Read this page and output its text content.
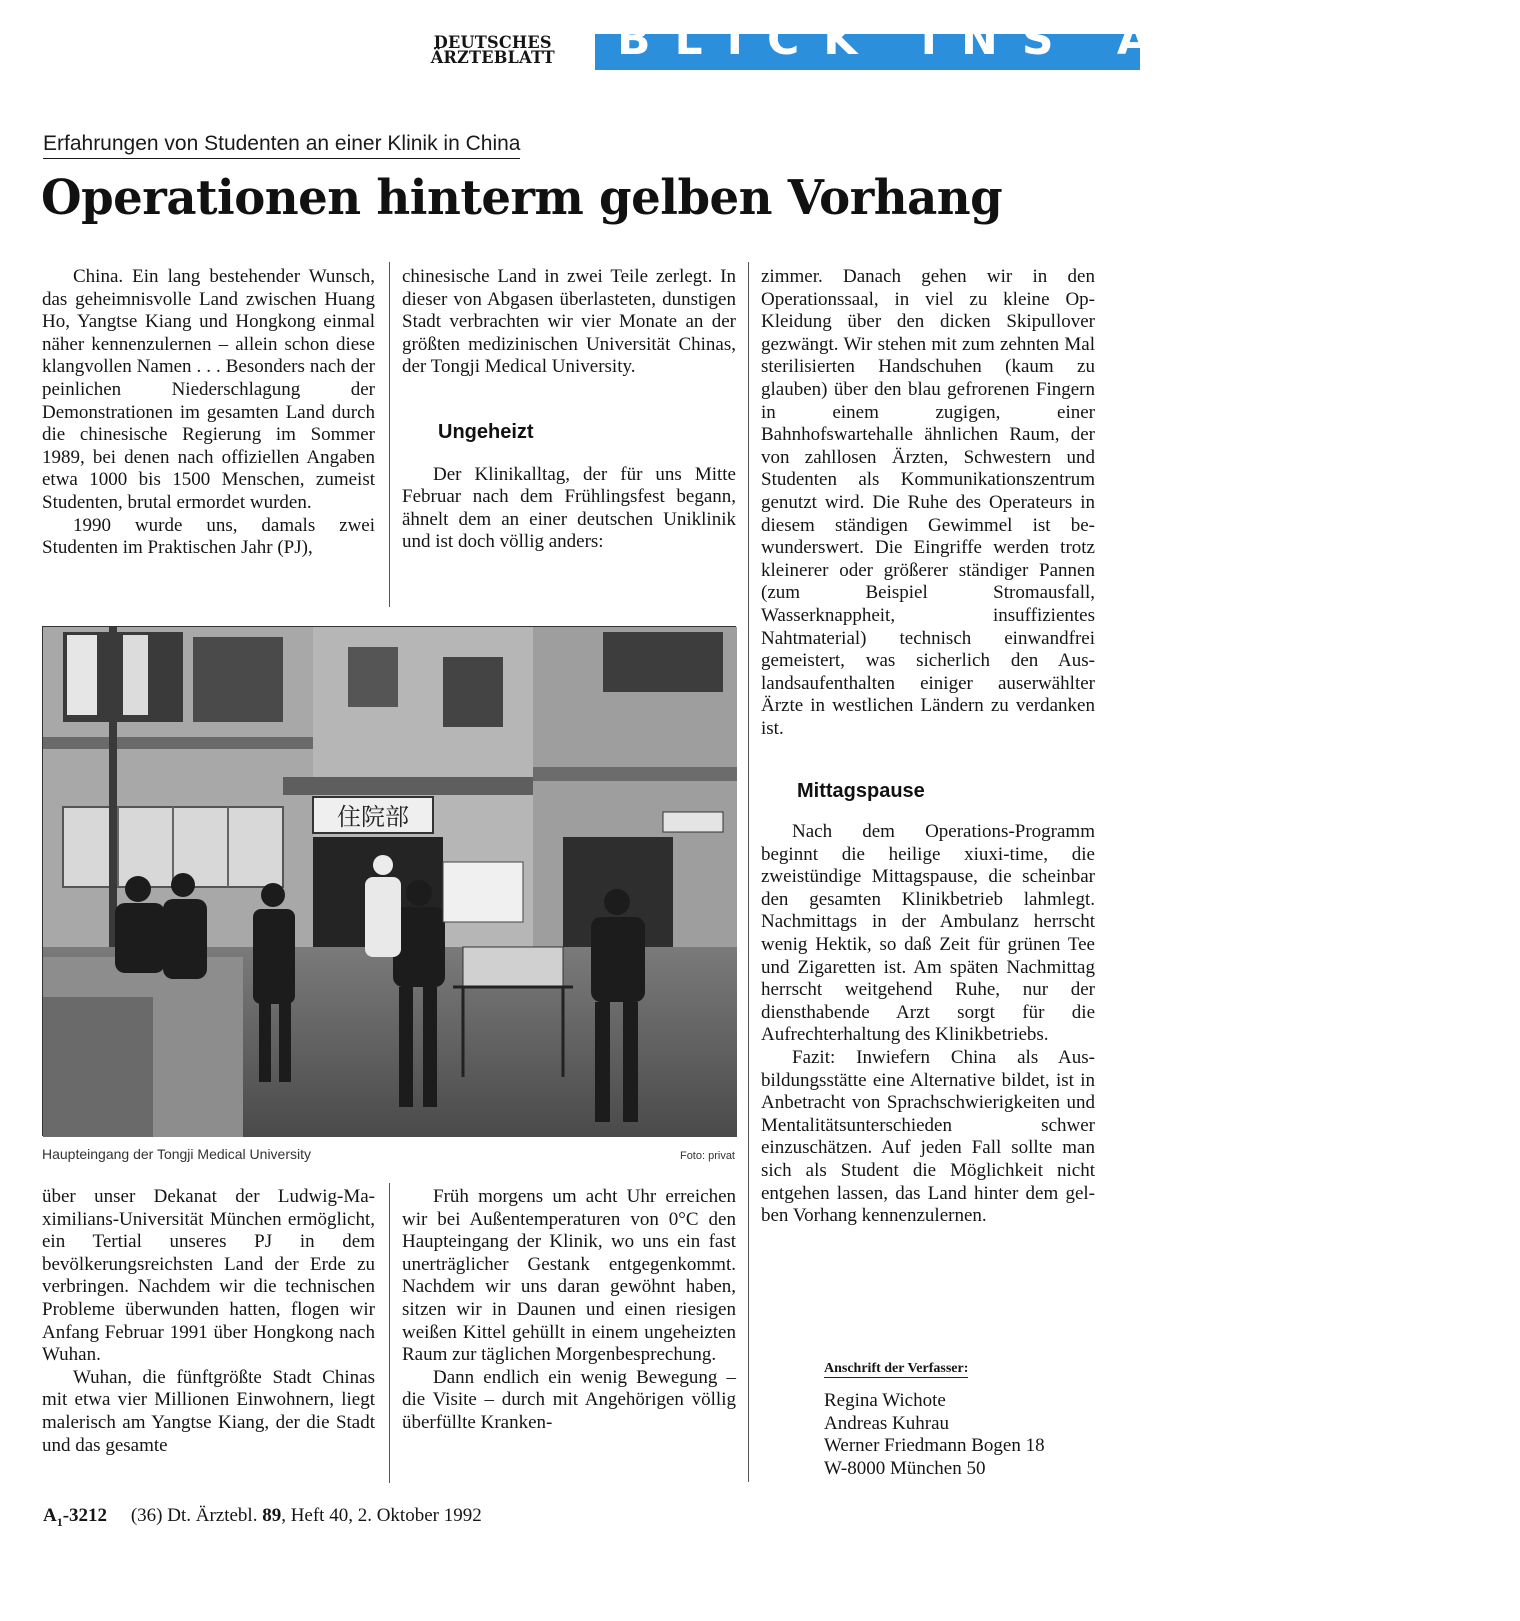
DEUTSCHES
ÄRZTEBLATT	BLICK INS AUSLAND
Erfahrungen von Studenten an einer Klinik in China
Operationen hinterm gelben Vorhang

China. Ein lang bestehender Wunsch, das geheimnisvolle Land zwischen Huang Ho, Yangtse Kiang und Hongkong einmal näher kennenzulernen – allein schon diese klangvollen Namen . . . Besonders nach der peinlichen Niederschlagung der Demonstrationen im gesamten Land durch die chinesische Regierung im Sommer 1989, bei denen nach offiziellen Angaben etwa 1000 bis 1500 Menschen, zumeist Studenten, brutal ermordet wurden.

1990 wurde uns, damals zwei Studenten im Praktischen Jahr (PJ),

chinesische Land in zwei Teile zerlegt. In dieser von Abgasen überlasteten, dunstigen Stadt verbrachten wir vier Monate an der größten medizinischen Universität Chinas, der Tongji Medical University.

Ungeheizt

Der Klinikalltag, der für uns Mitte Februar nach dem Frühlingsfest begann, ähnelt dem an einer deutschen Uniklinik und ist doch völlig anders:

zimmer. Danach gehen wir in den Operationssaal, in viel zu kleine Op-Kleidung über den dicken Skipullover gezwängt. Wir stehen mit zum zehnten Mal sterilisierten Handschuhen (kaum zu glauben) über den blau gefrorenen Fingern in einem zugigen, einer Bahnhofswartehalle ähnlichen Raum, der von zahllosen Ärzten, Schwestern und Studenten als Kommunikationszentrum genutzt wird. Die Ruhe des Operateurs in diesem ständigen Gewimmel ist bewunderswert. Die Eingriffe werden trotz kleinerer oder größerer ständiger Pannen (zum Beispiel Stromausfall, Wasserknappheit, insuffizientes Nahtmaterial) technisch einwandfrei gemeistert, was sicherlich den Auslandsaufenthalten einiger auserwählter Ärzte in westlichen Ländern zu verdanken ist.

Mittagspause

Nach dem Operations-Programm beginnt die heilige xiuxi-time, die zweistündige Mittagspause, die scheinbar den gesamten Klinikbetrieb lahmlegt. Nachmittags in der Ambulanz herrscht wenig Hektik, so daß Zeit für grünen Tee und Zigaretten ist. Am späten Nachmittag herrscht weitgehend Ruhe, nur der diensthabende Arzt sorgt für die Aufrechterhaltung des Klinikbetriebs.

Fazit: Inwiefern China als Ausbildungsstätte eine Alternative bildet, ist in Anbetracht von Sprachschwierigkeiten und Mentalitätsunterschieden schwer einzuschätzen. Auf jeden Fall sollte man sich als Student die Möglichkeit nicht entgehen lassen, das Land hinter dem gelben Vorhang kennenzulernen.

住院部
Haupteingang der Tongji Medical University	Foto: privat

über unser Dekanat der Ludwig-Maximilians-Universität München ermöglicht, ein Tertial unseres PJ in dem bevölkerungsreichsten Land der Erde zu verbringen. Nachdem wir die technischen Probleme überwunden hatten, flogen wir Anfang Februar 1991 über Hongkong nach Wuhan.

Wuhan, die fünftgrößte Stadt Chinas mit etwa vier Millionen Einwohnern, liegt malerisch am Yangtse Kiang, der die Stadt und das gesamte

Früh morgens um acht Uhr erreichen wir bei Außentemperaturen von 0°C den Haupteingang der Klinik, wo uns ein fast unerträglicher Gestank entgegenkommt. Nachdem wir uns daran gewöhnt haben, sitzen wir in Daunen und einen riesigen weißen Kittel gehüllt in einem ungeheizten Raum zur täglichen Morgenbesprechung.

Dann endlich ein wenig Bewegung – die Visite – durch mit Angehörigen völlig überfüllte Kranken-

Anschrift der Verfasser:
Regina Wichote
Andreas Kuhrau
Werner Friedmann Bogen 18
W-8000 München 50
$A_1-3212$ (36) Dt. Ärztebl. 89, Heft 40, 2. Oktober 1992
